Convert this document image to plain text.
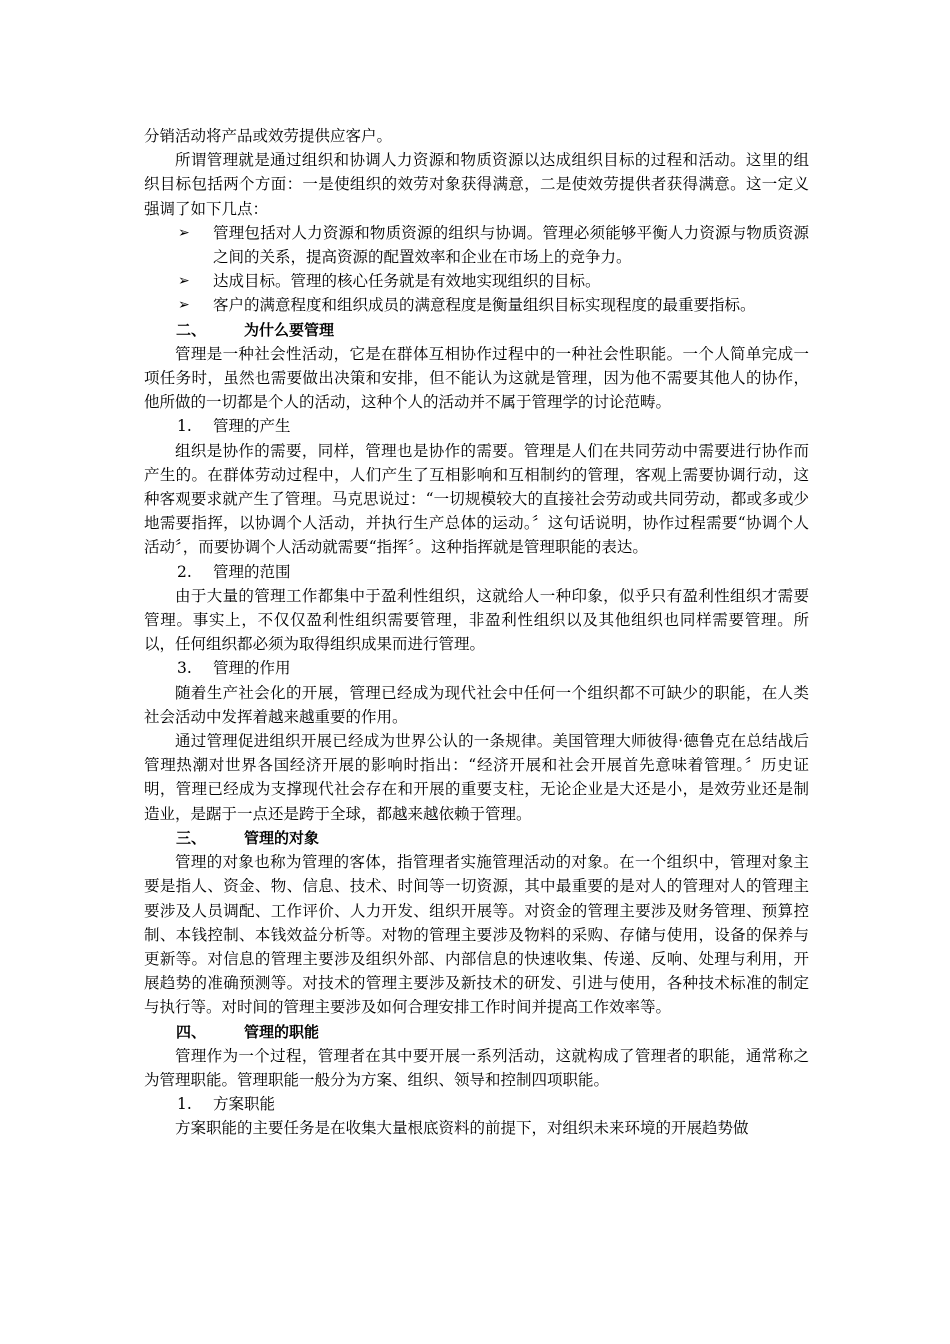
分销活动将产品或效劳提供应客户。

所谓管理就是通过组织和协调人力资源和物质资源以达成组织目标的过程和活动。这里的组织目标包括两个方面：一是使组织的效劳对象获得满意，二是使效劳提供者获得满意。这一定义强调了如下几点：

➢ 管理包括对人力资源和物质资源的组织与协调。管理必须能够平衡人力资源与物质资源之间的关系，提高资源的配置效率和企业在市场上的竞争力。
➢ 达成目标。管理的核心任务就是有效地实现组织的目标。
➢ 客户的满意程度和组织成员的满意程度是衡量组织目标实现程度的最重要指标。

二、	为什么要管理

管理是一种社会性活动，它是在群体互相协作过程中的一种社会性职能。一个人简单完成一项任务时，虽然也需要做出决策和安排，但不能认为这就是管理，因为他不需要其他人的协作，他所做的一切都是个人的活动，这种个人的活动并不属于管理学的讨论范畴。

1. 管理的产生

组织是协作的需要，同样，管理也是协作的需要。管理是人们在共同劳动中需要进行协作而产生的。在群体劳动过程中，人们产生了互相影响和互相制约的管理，客观上需要协调行动，这种客观要求就产生了管理。马克思说过：“一切规模较大的直接社会劳动或共同劳动，都或多或少地需要指挥，以协调个人活动，并执行生产总体的运动。〞这句话说明，协作过程需要“协调个人活动〞，而要协调个人活动就需要“指挥〞。这种指挥就是管理职能的表达。

2. 管理的范围

由于大量的管理工作都集中于盈利性组织，这就给人一种印象，似乎只有盈利性组织才需要管理。事实上，不仅仅盈利性组织需要管理，非盈利性组织以及其他组织也同样需要管理。所以，任何组织都必须为取得组织成果而进行管理。

3. 管理的作用

随着生产社会化的开展，管理已经成为现代社会中任何一个组织都不可缺少的职能，在人类社会活动中发挥着越来越重要的作用。

通过管理促进组织开展已经成为世界公认的一条规律。美国管理大师彼得·德鲁克在总结战后管理热潮对世界各国经济开展的影响时指出：“经济开展和社会开展首先意味着管理。〞历史证明，管理已经成为支撑现代社会存在和开展的重要支柱，无论企业是大还是小，是效劳业还是制造业，是踞于一点还是跨于全球，都越来越依赖于管理。

三、	管理的对象

管理的对象也称为管理的客体，指管理者实施管理活动的对象。在一个组织中，管理对象主要是指人、资金、物、信息、技术、时间等一切资源，其中最重要的是对人的管理对人的管理主要涉及人员调配、工作评价、人力开发、组织开展等。对资金的管理主要涉及财务管理、预算控制、本钱控制、本钱效益分析等。对物的管理主要涉及物料的采购、存储与使用，设备的保养与更新等。对信息的管理主要涉及组织外部、内部信息的快速收集、传递、反响、处理与利用，开展趋势的准确预测等。对技术的管理主要涉及新技术的研发、引进与使用，各种技术标准的制定与执行等。对时间的管理主要涉及如何合理安排工作时间并提高工作效率等。

四、	管理的职能

管理作为一个过程，管理者在其中要开展一系列活动，这就构成了管理者的职能，通常称之为管理职能。管理职能一般分为方案、组织、领导和控制四项职能。

1. 方案职能

方案职能的主要任务是在收集大量根底资料的前提下，对组织未来环境的开展趋势做
